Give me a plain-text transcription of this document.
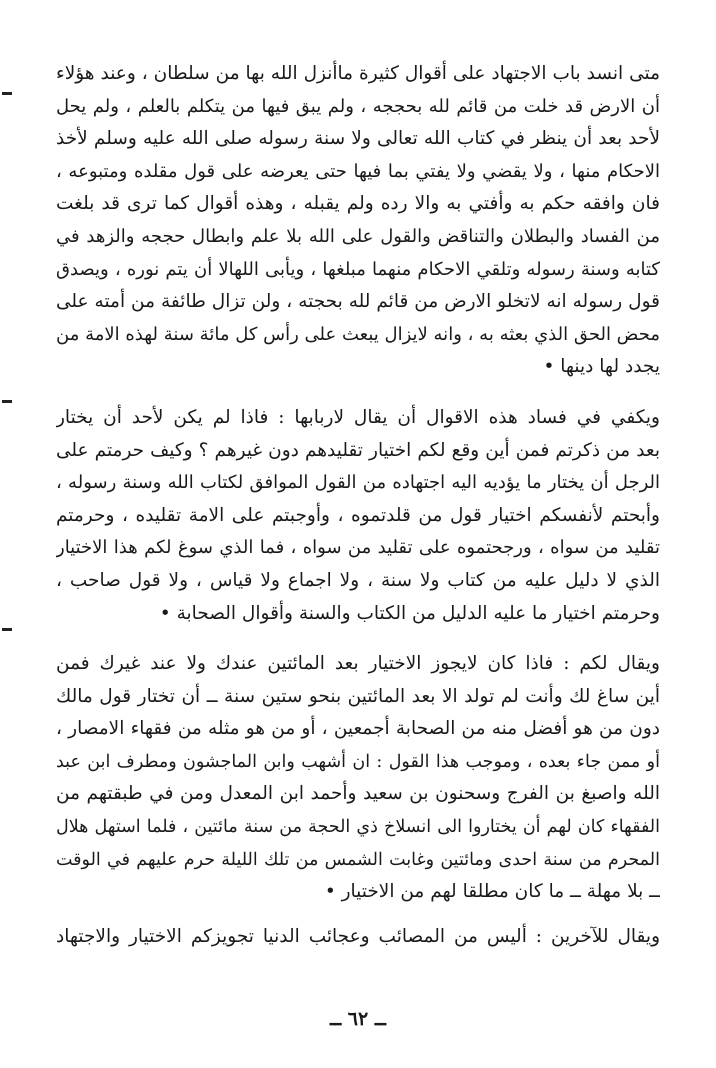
متى انسد باب الاجتهاد على أقوال كثيرة ماأنزل الله بها من سلطان ، وعند هؤلاء
أن الارض قد خلت من قائم لله بحججه ، ولم يبق فيها من يتكلم بالعلم ، ولم يحل
لأحد بعد أن ينظر في كتاب الله تعالى ولا سنة رسوله صلى الله عليه وسلم لأخذ
الاحكام منها ، ولا يقضي ولا يفتي بما فيها حتى يعرضه على قول مقلده ومتبوعه ،
فان وافقه حكم به وأفتي به والا رده ولم يقبله ، وهذه أقوال كما ترى قد بلغت
من الفساد والبطلان والتناقض والقول على الله بلا علم وابطال حججه والزهد في
كتابه وسنة رسوله وتلقي الاحكام منهما مبلغها ، ويأبى اللهالا أن يتم نوره ، ويصدق
قول رسوله انه لاتخلو الارض من قائم لله بحجته ، ولن تزال طائفة من أمته على
محض الحق الذي بعثه به ، وانه لايزال يبعث على رأس كل مائة سنة لهذه الامة من
يجدد لها دينها •
ويكفي في فساد هذه الاقوال أن يقال لاربابها : فاذا لم يكن لأحد أن يختار
بعد من ذكرتم فمن أين وقع لكم اختيار تقليدهم دون غيرهم ؟ وكيف حرمتم على
الرجل أن يختار ما يؤديه اليه اجتهاده من القول الموافق لكتاب الله وسنة رسوله ،
وأبحتم لأنفسكم اختيار قول من قلدتموه ، وأوجبتم على الامة تقليده ، وحرمتم
تقليد من سواه ، ورجحتموه على تقليد من سواه ، فما الذي سوغ لكم هذا الاختيار
الذي لا دليل عليه من كتاب ولا سنة ، ولا اجماع ولا قياس ، ولا قول صاحب ،
وحرمتم اختيار ما عليه الدليل من الكتاب والسنة وأقوال الصحابة •
ويقال لكم : فاذا كان لايجوز الاختيار بعد المائتين عندك ولا عند غيرك فمن
أين ساغ لك وأنت لم تولد الا بعد المائتين بنحو ستين سنة ــ أن تختار قول مالك
دون من هو أفضل منه من الصحابة أجمعين ، أو من هو مثله من فقهاء الامصار ،
أو ممن جاء بعده ، وموجب هذا القول : ان أشهب وابن الماجشون ومطرف ابن عبد
الله واصبغ بن الفرج وسحنون بن سعيد وأحمد ابن المعدل ومن في طبقتهم من
الفقهاء كان لهم أن يختاروا الى انسلاخ ذي الحجة من سنة مائتين ، فلما استهل هلال
المحرم من سنة احدى ومائتين وغابت الشمس من تلك الليلة حرم عليهم في الوقت
ــ بلا مهلة ــ ما كان مطلقا لهم من الاختيار •
ويقال للآخرين : أليس من المصائب وعجائب الدنيا تجويزكم الاختيار والاجتهاد
ــ ٦٢ ــ
